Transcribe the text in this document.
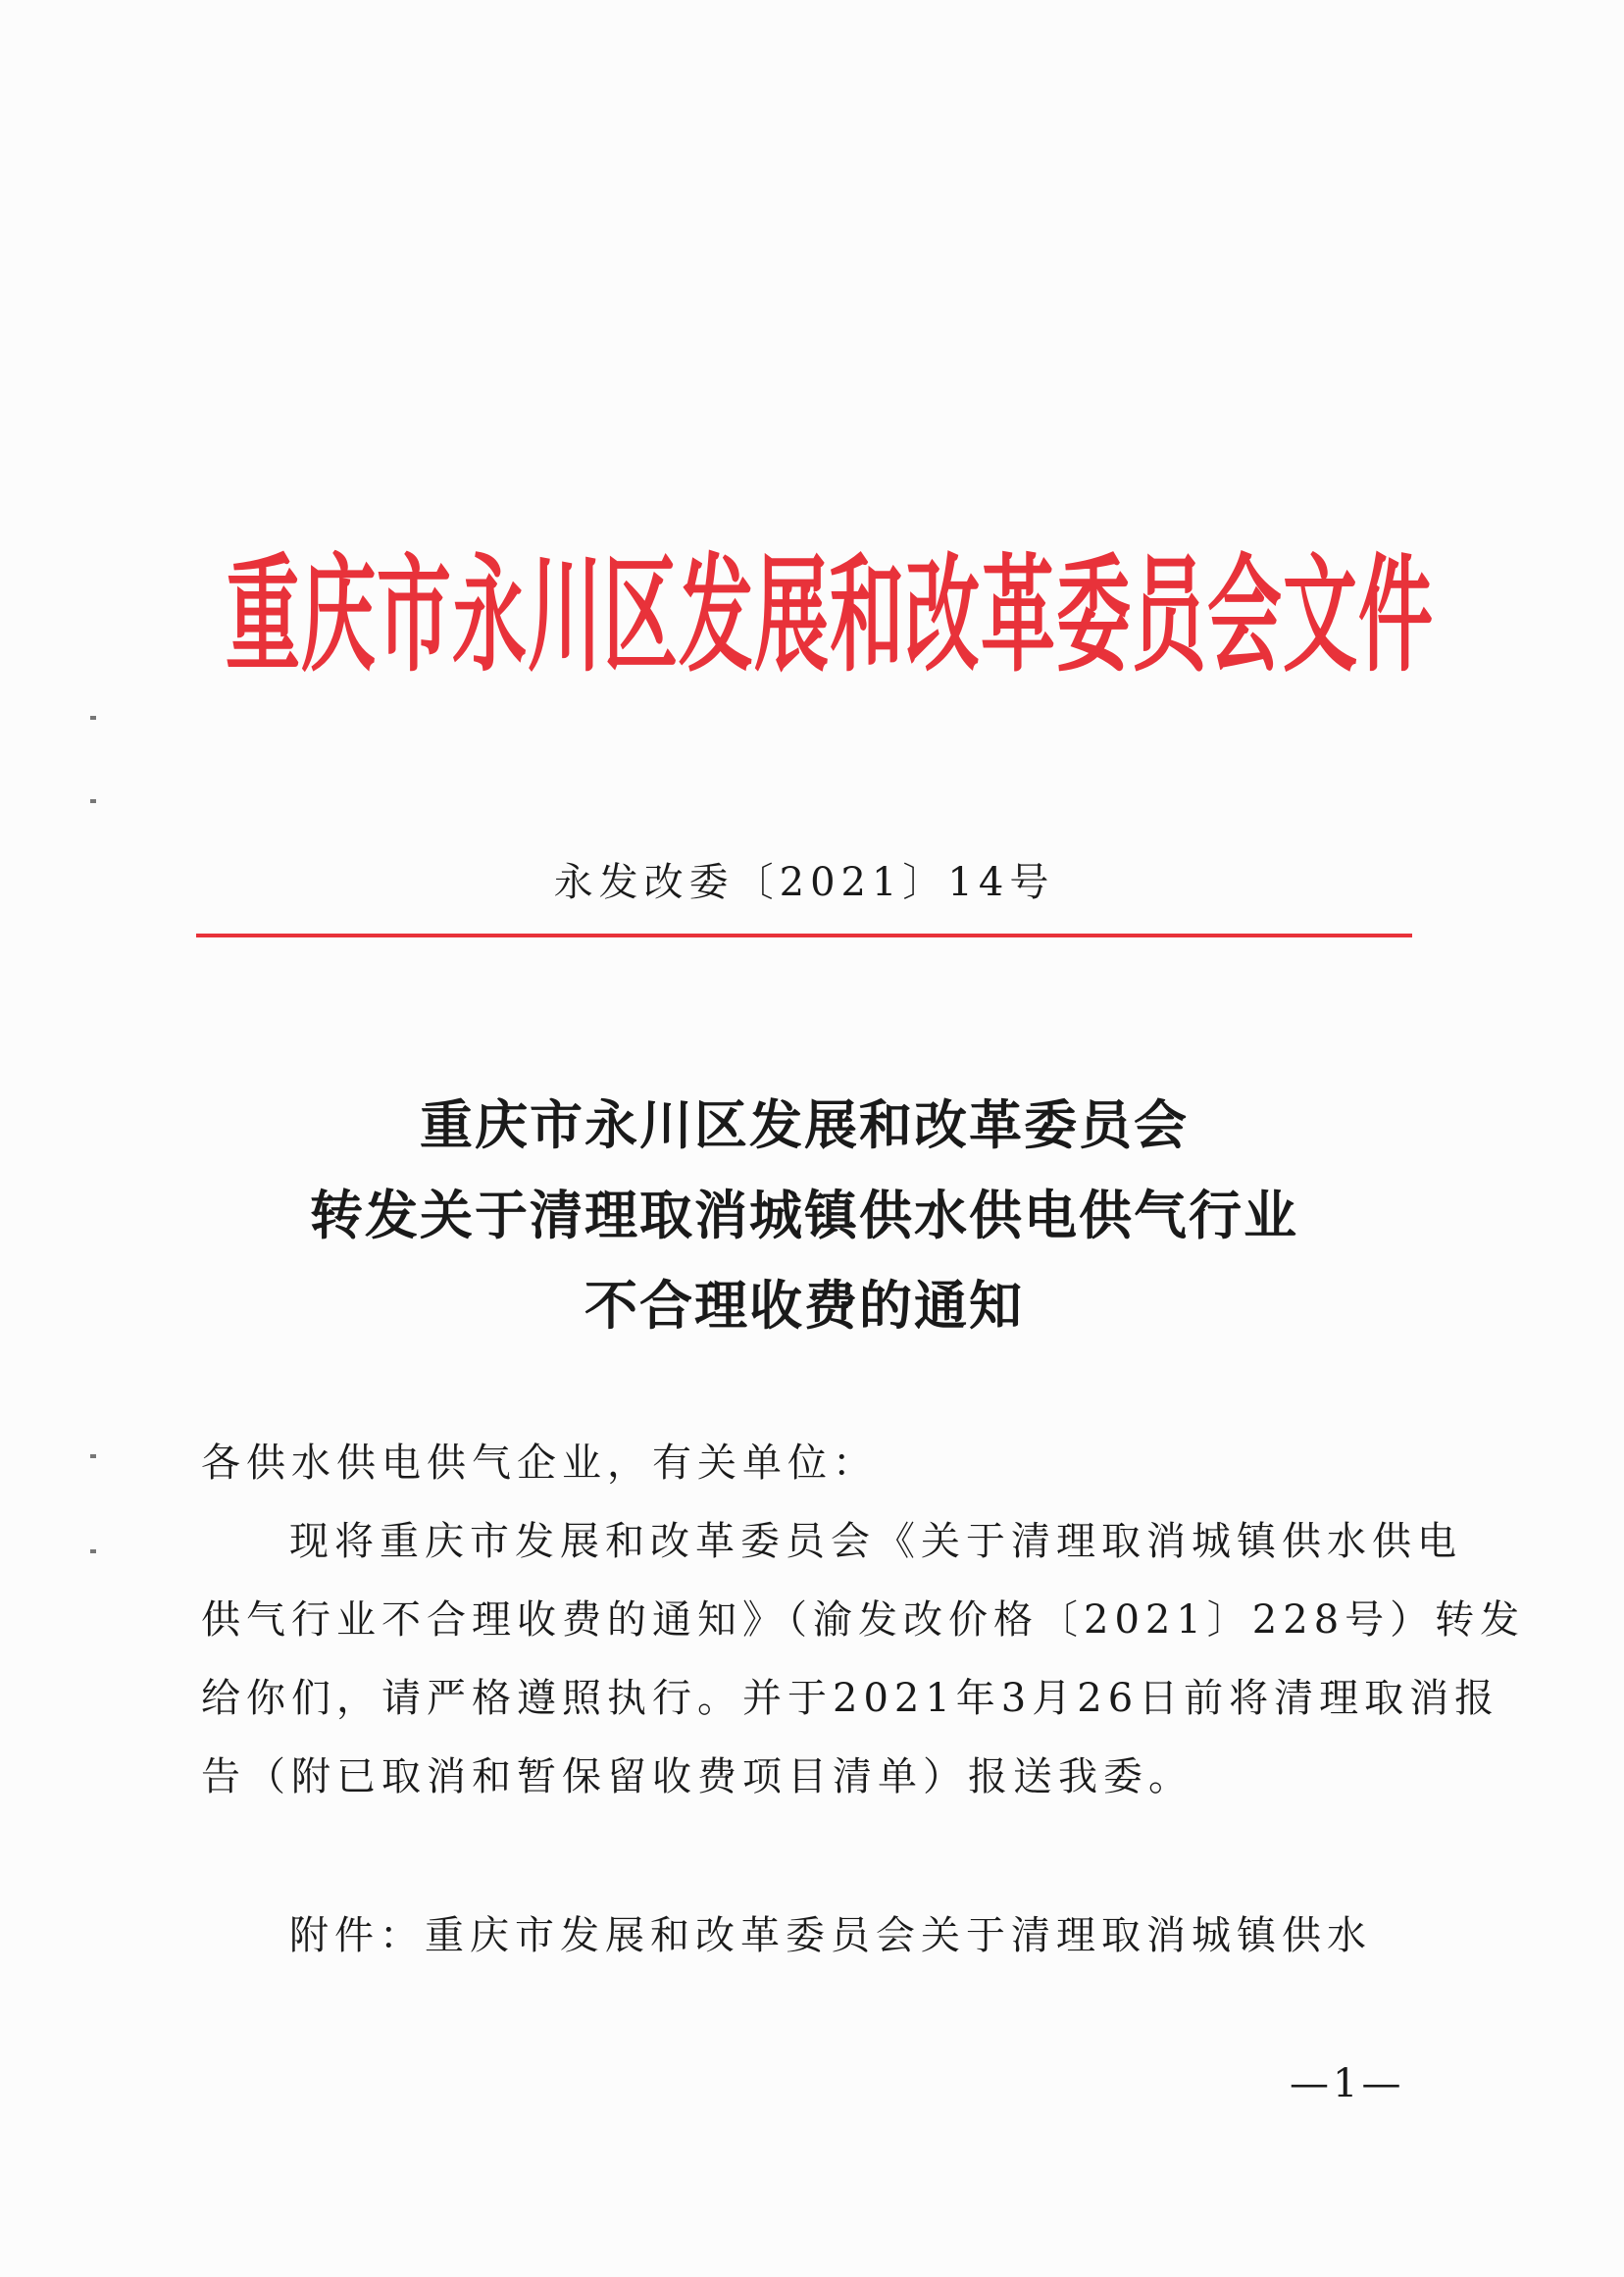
重庆市永川区发展和改革委员会文件
永发改委〔2021〕14号
重庆市永川区发展和改革委员会
转发关于清理取消城镇供水供电供气行业
不合理收费的通知
各供水供电供气企业，有关单位：
现将重庆市发展和改革委员会《关于清理取消城镇供水供电
供气行业不合理收费的通知》（渝发改价格〔2021〕228号）转发
给你们，请严格遵照执行。并于2021年3月26日前将清理取消报
告（附已取消和暂保留收费项目清单）报送我委。
附件：重庆市发展和改革委员会关于清理取消城镇供水
—1—
